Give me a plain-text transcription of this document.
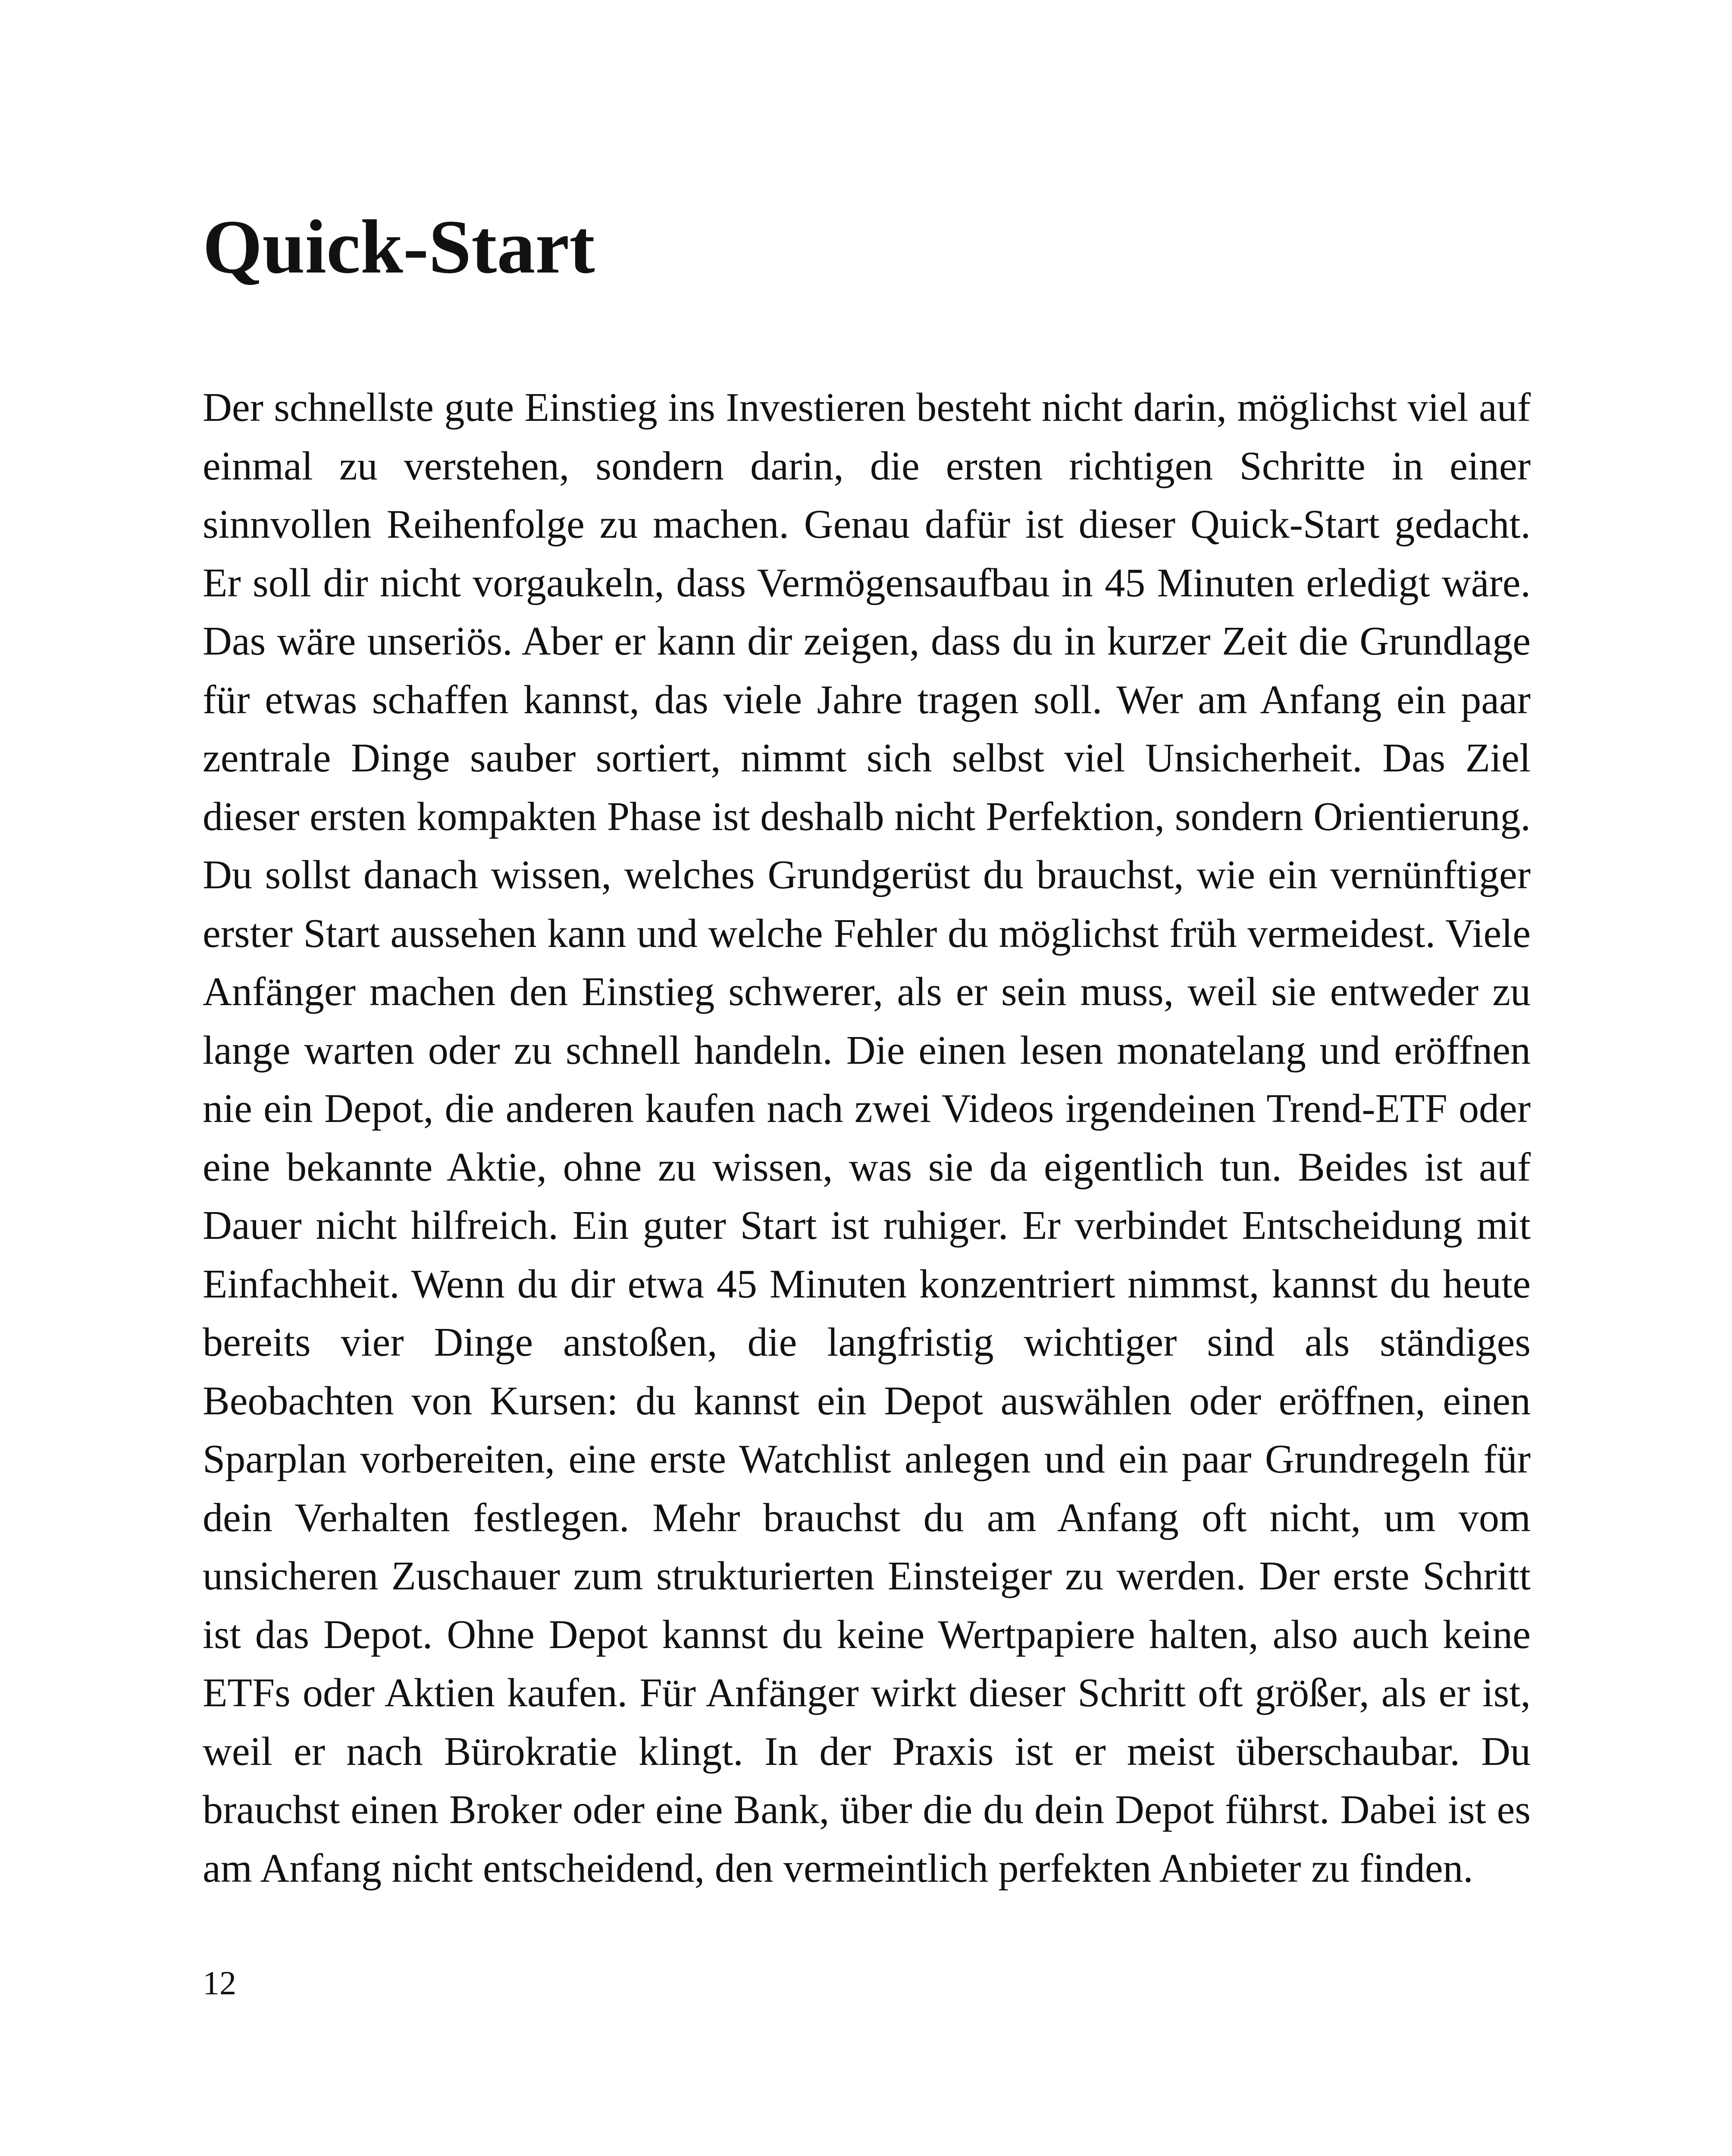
Quick-Start

Der schnellste gute Einstieg ins Investieren besteht nicht darin, möglichst viel auf einmal zu verstehen, sondern darin, die ersten richtigen Schritte in einer sinnvollen Reihenfolge zu machen. Genau dafür ist dieser Quick-Start gedacht. Er soll dir nicht vorgaukeln, dass Vermögensaufbau in 45 Minuten erledigt wäre. Das wäre unseriös. Aber er kann dir zeigen, dass du in kurzer Zeit die Grundlage für etwas schaffen kannst, das viele Jahre tragen soll. Wer am Anfang ein paar zentrale Dinge sauber sortiert, nimmt sich selbst viel Unsicherheit. Das Ziel dieser ersten kompakten Phase ist deshalb nicht Perfektion, sondern Orientierung. Du sollst danach wissen, welches Grundgerüst du brauchst, wie ein vernünftiger erster Start aussehen kann und welche Fehler du möglichst früh vermeidest. Viele Anfänger machen den Einstieg schwerer, als er sein muss, weil sie entweder zu lange warten oder zu schnell handeln. Die einen lesen monatelang und eröffnen nie ein Depot, die anderen kaufen nach zwei Videos irgendeinen Trend-ETF oder eine bekannte Aktie, ohne zu wissen, was sie da eigentlich tun. Beides ist auf Dauer nicht hilfreich. Ein guter Start ist ruhiger. Er verbindet Entscheidung mit Einfachheit. Wenn du dir etwa 45 Minuten konzentriert nimmst, kannst du heute bereits vier Dinge anstoßen, die langfristig wichtiger sind als ständiges Beobachten von Kursen: du kannst ein Depot auswählen oder eröffnen, einen Sparplan vorbereiten, eine erste Watchlist anlegen und ein paar Grundregeln für dein Verhalten festlegen. Mehr brauchst du am Anfang oft nicht, um vom unsicheren Zuschauer zum strukturierten Einsteiger zu werden. Der erste Schritt ist das Depot. Ohne Depot kannst du keine Wertpapiere halten, also auch keine ETFs oder Aktien kaufen. Für Anfänger wirkt dieser Schritt oft größer, als er ist, weil er nach Bürokratie klingt. In der Praxis ist er meist überschaubar. Du brauchst einen Broker oder eine Bank, über die du dein Depot führst. Dabei ist es am Anfang nicht entscheidend, den vermeintlich perfekten Anbieter zu finden.

12
